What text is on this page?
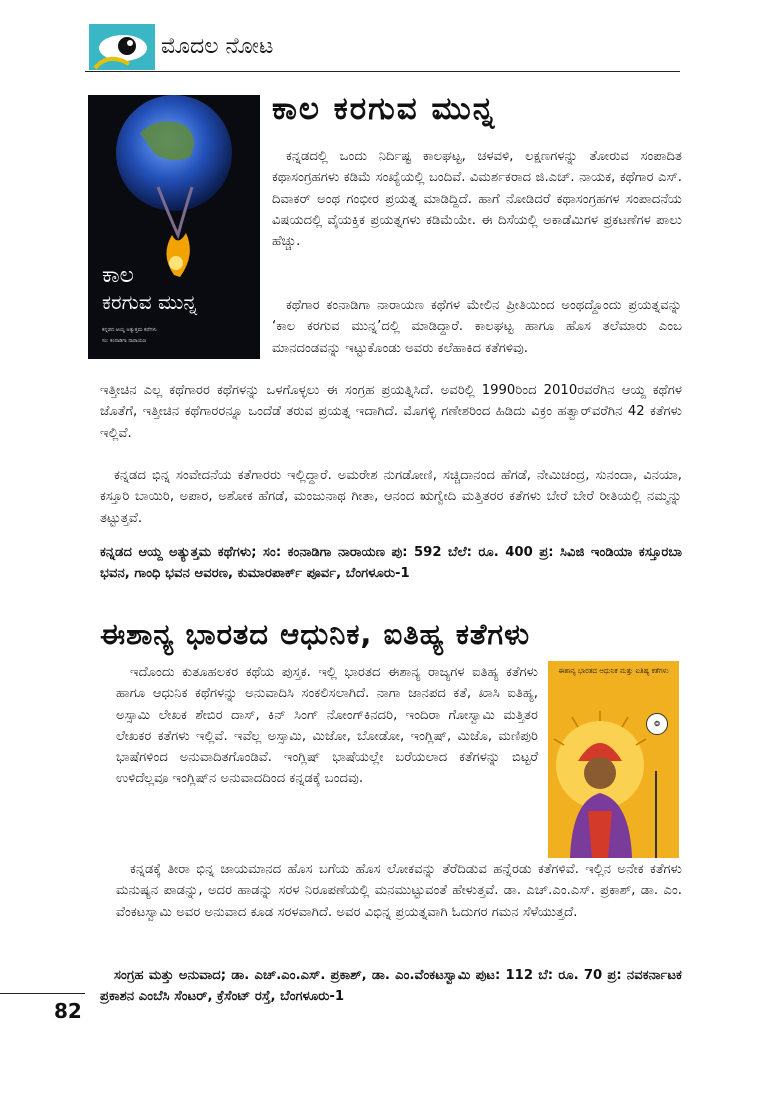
ಮೊದಲ ನೋಟ
ಕಾಲ
ಕರಗುವ ಮುನ್ನ
ಕನ್ನಡದ ಆಯ್ದ ಅತ್ಯುತ್ತಮ ಕಥೆಗಳು
ಸಂ: ಕಂನಾಡಿಗಾ ನಾರಾಯಣ
ಕಾಲ ಕರಗುವ ಮುನ್ನ

ಕನ್ನಡದಲ್ಲಿ ಒಂದು ನಿರ್ದಿಷ್ಟ ಕಾಲಘಟ್ಟ, ಚಳವಳಿ, ಲಕ್ಷಣಗಳನ್ನು ತೋರುವ ಸಂಪಾದಿತ ಕಥಾಸಂಗ್ರಹಗಳು ಕಡಿಮೆ ಸಂಖ್ಯೆಯಲ್ಲಿ ಬಂದಿವೆ. ವಿಮರ್ಶಕರಾದ ಜಿ.ಎಚ್. ನಾಯಕ, ಕಥೆಗಾರ ಎಸ್. ದಿವಾಕರ್ ಅಂಥ ಗಂಭೀರ ಪ್ರಯತ್ನ ಮಾಡಿದ್ದಿದೆ. ಹಾಗೆ ನೋಡಿದರೆ ಕಥಾಸಂಗ್ರಹಗಳ ಸಂಪಾದನೆಯ ವಿಷಯದಲ್ಲಿ ವೈಯಕ್ತಿಕ ಪ್ರಯತ್ನಗಳು ಕಡಿಮೆಯೇ. ಈ ದಿಸೆಯಲ್ಲಿ ಅಕಾಡೆಮಿಗಳ ಪ್ರಕಟಣೆಗಳ ಪಾಲು ಹೆಚ್ಚು.

ಕಥೆಗಾರ ಕಂನಾಡಿಗಾ ನಾರಾಯಣ ಕಥೆಗಳ ಮೇಲಿನ ಪ್ರೀತಿಯಿಂದ ಅಂಥದ್ದೊಂದು ಪ್ರಯತ್ನವನ್ನು ‘ಕಾಲ ಕರಗುವ ಮುನ್ನ’ದಲ್ಲಿ ಮಾಡಿದ್ದಾರೆ. ಕಾಲಘಟ್ಟ ಹಾಗೂ ಹೊಸ ತಲೆಮಾರು ಎಂಬ ಮಾನದಂಡವನ್ನು ಇಟ್ಟುಕೊಂಡು ಅವರು ಕಲೆಹಾಕಿದ ಕತೆಗಳಿವು.

ಇತ್ತೀಚಿನ ಎಲ್ಲ ಕಥೆಗಾರರ ಕಥೆಗಳನ್ನು ಒಳಗೊಳ್ಳಲು ಈ ಸಂಗ್ರಹ ಪ್ರಯತ್ನಿಸಿದೆ. ಅವರಿಲ್ಲಿ 1990ರಿಂದ 2010ರವರೆಗಿನ ಆಯ್ದ ಕಥೆಗಳ ಜೊತೆಗೆ, ಇತ್ತೀಚಿನ ಕಥೆಗಾರರನ್ನೂ ಒಂದೆಡೆ ತರುವ ಪ್ರಯತ್ನ ಇದಾಗಿದೆ. ಮೊಗಳ್ಳಿ ಗಣೇಶರಿಂದ ಹಿಡಿದು ವಿಕ್ರಂ ಹತ್ವಾರ್‌ವರೆಗಿನ 42 ಕತೆಗಳು ಇಲ್ಲಿವೆ.

ಕನ್ನಡದ ಭಿನ್ನ ಸಂವೇದನೆಯ ಕತೆಗಾರರು ಇಲ್ಲಿದ್ದಾರೆ. ಅಮರೇಶ ನುಗಡೋಣಿ, ಸಚ್ಚಿದಾನಂದ ಹೆಗಡೆ, ನೇಮಿಚಂದ್ರ, ಸುನಂದಾ, ವಿನಯಾ, ಕಸ್ತೂರಿ ಬಾಯಿರಿ, ಅಪಾರ, ಅಶೋಕ ಹೆಗಡೆ, ಮಂಜುನಾಥ ಗೀತಾ, ಆನಂದ ಋಗ್ವೇದಿ ಮತ್ತಿತರರ ಕತೆಗಳು ಬೇರೆ ಬೇರೆ ರೀತಿಯಲ್ಲಿ ನಮ್ಮನ್ನು ತಟ್ಟುತ್ತವೆ.

ಕನ್ನಡದ ಆಯ್ದ ಅತ್ಯುತ್ತಮ ಕಥೆಗಳು; ಸಂ: ಕಂನಾಡಿಗಾ ನಾರಾಯಣ ಪು: 592 ಬೆಲೆ: ರೂ. 400 ಪ್ರ: ಸಿವಿಜಿ ಇಂಡಿಯಾ ಕಸ್ತೂರಬಾ ಭವನ, ಗಾಂಧಿ ಭವನ ಆವರಣ, ಕುಮಾರಪಾರ್ಕ್ ಪೂರ್ವ, ಬೆಂಗಳೂರು-1

ಈಶಾನ್ಯ ಭಾರತದ ಆಧುನಿಕ, ಐತಿಹ್ಯ ಕತೆಗಳು
ಈಶಾನ್ಯ ಭಾರತದ ಆಧುನಿಕ ಮತ್ತು ಐತಿಹ್ಯ ಕತೆಗಳು
❂

ಇದೊಂದು ಕುತೂಹಲಕರ ಕಥೆಯ ಪುಸ್ತಕ. ಇಲ್ಲಿ ಭಾರತದ ಈಶಾನ್ಯ ರಾಜ್ಯಗಳ ಐತಿಹ್ಯ ಕತೆಗಳು ಹಾಗೂ ಆಧುನಿಕ ಕಥೆಗಳನ್ನು ಅನುವಾದಿಸಿ ಸಂಕಲಿಸಲಾಗಿದೆ. ನಾಗಾ ಜಾನಪದ ಕತೆ, ಖಾಸಿ ಐತಿಹ್ಯ, ಅಸ್ಸಾಮಿ ಲೇಖಕ ಶೇಬಿರ ದಾಸ್, ಕಿನ್ ಸಿಂಗ್ ನೋಂಗ್‌ಕಿನದರಿ, ಇಂದಿರಾ ಗೋಸ್ವಾಮಿ ಮತ್ತಿತರ ಲೇಖಕರ ಕತೆಗಳು ಇಲ್ಲಿವೆ. ಇವೆಲ್ಲ ಅಸ್ಸಾಮಿ, ಮಿಜೋ, ಬೋಡೋ, ಇಂಗ್ಲಿಷ್, ಮಿಜೊ, ಮಣಿಪುರಿ ಭಾಷೆಗಳಿಂದ ಅನುವಾದಿತಗೊಂಡಿವೆ. ಇಂಗ್ಲಿಷ್ ಭಾಷೆಯಲ್ಲೇ ಬರೆಯಲಾದ ಕತೆಗಳನ್ನು ಬಿಟ್ಟರೆ ಉಳಿದೆಲ್ಲವೂ ಇಂಗ್ಲಿಷ್‌ನ ಅನುವಾದದಿಂದ ಕನ್ನಡಕ್ಕೆ ಬಂದವು.

ಕನ್ನಡಕ್ಕೆ ತೀರಾ ಭಿನ್ನ ಜಾಯಮಾನದ ಹೊಸ ಬಗೆಯ ಹೊಸ ಲೋಕವನ್ನು ತೆರೆದಿಡುವ ಹನ್ನೆರಡು ಕತೆಗಳಿವೆ. ಇಲ್ಲಿನ ಅನೇಕ ಕತೆಗಳು ಮನುಷ್ಯನ ಪಾಡನ್ನು, ಅದರ ಹಾಡನ್ನು ಸರಳ ನಿರೂಪಣೆಯಲ್ಲಿ ಮನಮುಟ್ಟುವಂತೆ ಹೇಳುತ್ತವೆ. ಡಾ. ಎಚ್.ಎಂ.ಎಸ್. ಪ್ರಕಾಶ್, ಡಾ. ಎಂ. ವೆಂಕಟಸ್ವಾಮಿ ಅವರ ಅನುವಾದ ಕೂಡ ಸರಳವಾಗಿದೆ. ಅವರ ವಿಭಿನ್ನ ಪ್ರಯತ್ನವಾಗಿ ಓದುಗರ ಗಮನ ಸೆಳೆಯುತ್ತದೆ.

ಸಂಗ್ರಹ ಮತ್ತು ಅನುವಾದ; ಡಾ. ಎಚ್.ಎಂ.ಎಸ್. ಪ್ರಕಾಶ್, ಡಾ. ಎಂ.ವೆಂಕಟಸ್ವಾಮಿ ಪುಟ: 112 ಬೆ: ರೂ. 70 ಪ್ರ: ನವಕರ್ನಾಟಕ ಪ್ರಕಾಶನ ಎಂಬೆಸಿ ಸೆಂಟರ್, ಕ್ರೆಸೆಂಟ್ ರಸ್ತೆ, ಬೆಂಗಳೂರು-1

82
